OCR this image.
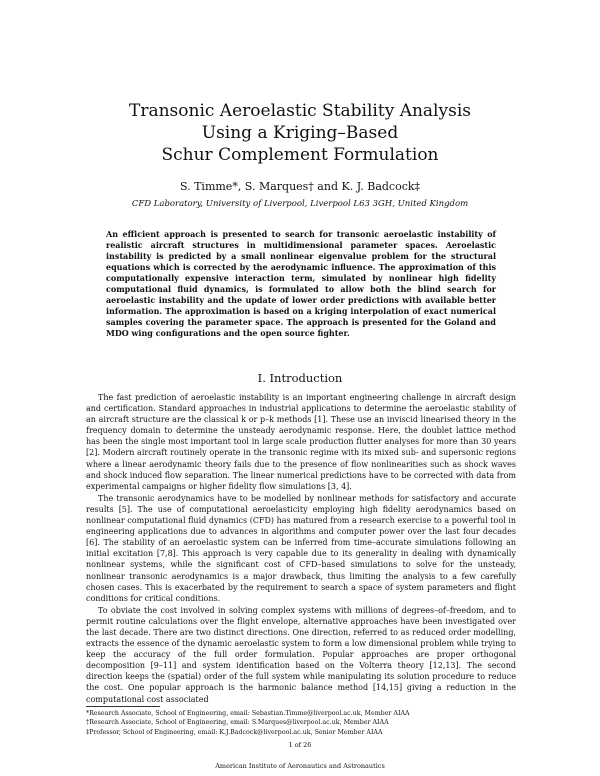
Transonic Aeroelastic Stability Analysis
Using a Kriging–Based
Schur Complement Formulation
S. Timme*, S. Marques† and K. J. Badcock‡
CFD Laboratory, University of Liverpool, Liverpool L63 3GH, United Kingdom

An efficient approach is presented to search for transonic aeroelastic instability of realistic aircraft structures in multidimensional parameter spaces. Aeroelastic instability is predicted by a small nonlinear eigenvalue problem for the structural equations which is corrected by the aerodynamic influence. The approximation of this computationally expensive interaction term, simulated by nonlinear high fidelity computational fluid dynamics, is formulated to allow both the blind search for aeroelastic instability and the update of lower order predictions with available better information. The approximation is based on a kriging interpolation of exact numerical samples covering the parameter space. The approach is presented for the Goland and MDO wing configurations and the open source fighter.

I. Introduction

The fast prediction of aeroelastic instability is an important engineering challenge in aircraft design and certification. Standard approaches in industrial applications to determine the aeroelastic stability of an aircraft structure are the classical k or p–k methods [1]. These use an inviscid linearised theory in the frequency domain to determine the unsteady aerodynamic response. Here, the doublet lattice method has been the single most important tool in large scale production flutter analyses for more than 30 years [2]. Modern aircraft routinely operate in the transonic regime with its mixed sub- and supersonic regions where a linear aerodynamic theory fails due to the presence of flow nonlinearities such as shock waves and shock induced flow separation. The linear numerical predictions have to be corrected with data from experimental campaigns or higher fidelity flow simulations [3, 4].

The transonic aerodynamics have to be modelled by nonlinear methods for satisfactory and accurate results [5]. The use of computational aeroelasticity employing high fidelity aerodynamics based on nonlinear computational fluid dynamics (CFD) has matured from a research exercise to a powerful tool in engineering applications due to advances in algorithms and computer power over the last four decades [6]. The stability of an aeroelastic system can be inferred from time–accurate simulations following an initial excitation [7,8]. This approach is very capable due to its generality in dealing with dynamically nonlinear systems, while the significant cost of CFD–based simulations to solve for the unsteady, nonlinear transonic aerodynamics is a major drawback, thus limiting the analysis to a few carefully chosen cases. This is exacerbated by the requirement to search a space of system parameters and flight conditions for critical conditions.

To obviate the cost involved in solving complex systems with millions of degrees–of–freedom, and to permit routine calculations over the flight envelope, alternative approaches have been investigated over the last decade. There are two distinct directions. One direction, referred to as reduced order modelling, extracts the essence of the dynamic aeroelastic system to form a low dimensional problem while trying to keep the accuracy of the full order formulation. Popular approaches are proper orthogonal decomposition [9–11] and system identification based on the Volterra theory [12,13]. The second direction keeps the (spatial) order of the full system while manipulating its solution procedure to reduce the cost. One popular approach is the harmonic balance method [14,15] giving a reduction in the computational cost associated

*Research Associate, School of Engineering, email: Sebastian.Timme@liverpool.ac.uk, Member AIAA
†Research Associate, School of Engineering, email: S.Marques@liverpool.ac.uk, Member AIAA
‡Professor, School of Engineering, email: K.J.Badcock@liverpool.ac.uk, Senior Member AIAA
1 of 26
American Institute of Aeronautics and Astronautics
